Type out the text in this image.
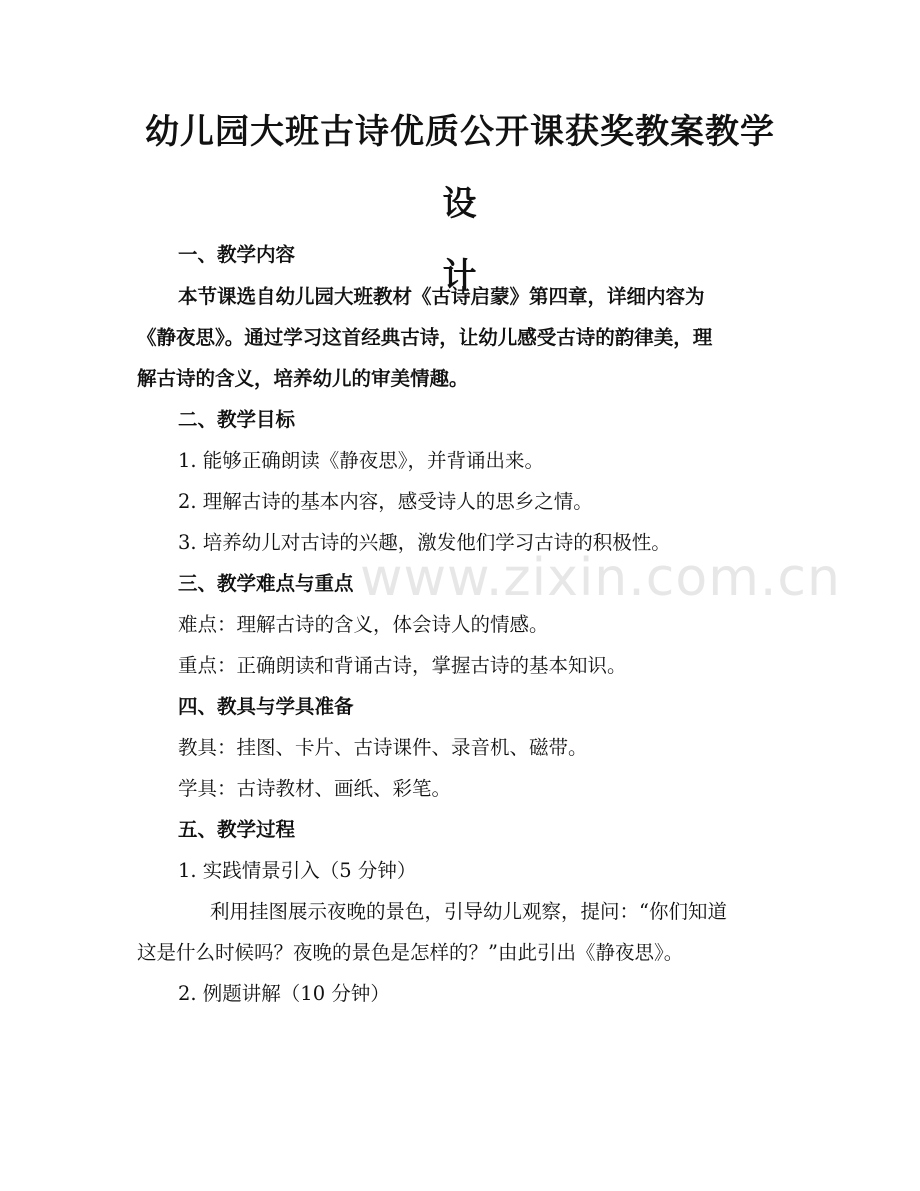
www.zixin.com.cn
幼儿园大班古诗优质公开课获奖教案教学设
计
一、教学内容
本节课选自幼儿园大班教材《古诗启蒙》第四章，详细内容为
《静夜思》。通过学习这首经典古诗，让幼儿感受古诗的韵律美，理
解古诗的含义，培养幼儿的审美情趣。
二、教学目标
1. 能够正确朗读《静夜思》，并背诵出来。
2. 理解古诗的基本内容，感受诗人的思乡之情。
3. 培养幼儿对古诗的兴趣，激发他们学习古诗的积极性。
三、教学难点与重点
难点：理解古诗的含义，体会诗人的情感。
重点：正确朗读和背诵古诗，掌握古诗的基本知识。
四、教具与学具准备
教具：挂图、卡片、古诗课件、录音机、磁带。
学具：古诗教材、画纸、彩笔。
五、教学过程
1. 实践情景引入（5 分钟）
利用挂图展示夜晚的景色，引导幼儿观察，提问：“你们知道
这是什么时候吗？夜晚的景色是怎样的？”由此引出《静夜思》。
2. 例题讲解（10 分钟）
